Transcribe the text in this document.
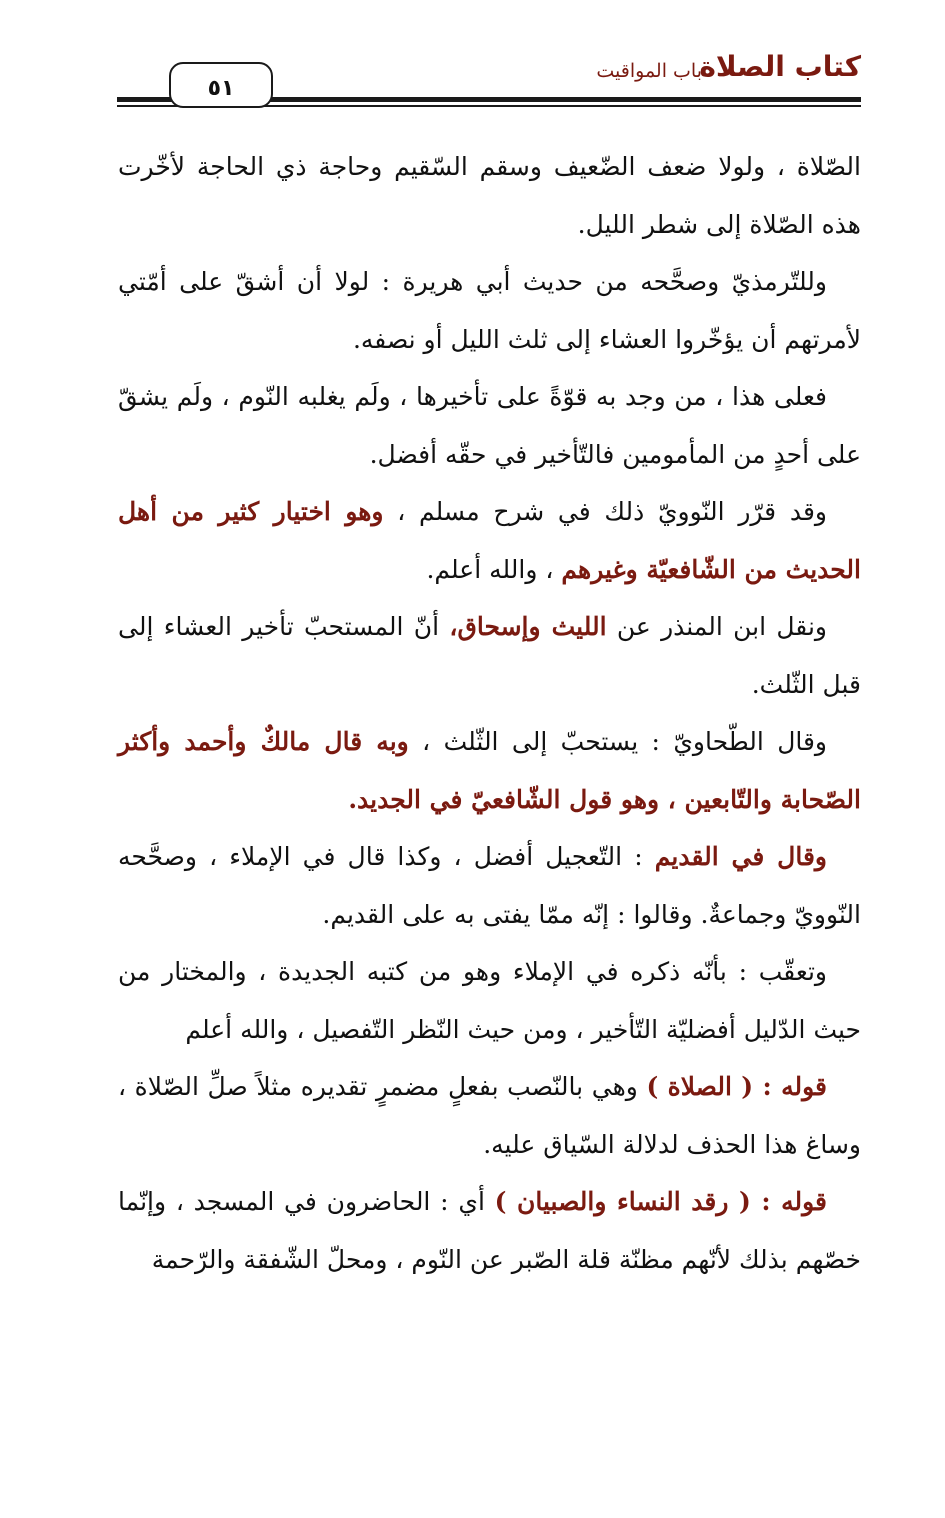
كتاب الصلاة
باب المواقيت
٥١

الصّلاة ، ولولا ضعف الضّعيف وسقم السّقيم وحاجة ذي الحاجة لأخّرت هذه الصّلاة إلى شطر الليل.

وللتّرمذيّ وصحَّحه من حديث أبي هريرة : لولا أن أشقّ على أمّتي لأمرتهم أن يؤخّروا العشاء إلى ثلث الليل أو نصفه.

فعلى هذا ، من وجد به قوّةً على تأخيرها ، ولَم يغلبه النّوم ، ولَم يشقّ على أحدٍ من المأمومين فالتّأخير في حقّه أفضل.

وقد قرّر النّوويّ ذلك في شرح مسلم ، وهو اختيار كثير من أهل الحديث من الشّافعيّة وغيرهم ، والله أعلم.

ونقل ابن المنذر عن الليث وإسحاق، أنّ المستحبّ تأخير العشاء إلى قبل الثّلث.

وقال الطّحاويّ : يستحبّ إلى الثّلث ، وبه قال مالكٌ وأحمد وأكثر الصّحابة والتّابعين ، وهو قول الشّافعيّ في الجديد.

وقال في القديم : التّعجيل أفضل ، وكذا قال في الإملاء ، وصحَّحه النّوويّ وجماعةٌ. وقالوا : إنّه ممّا يفتى به على القديم.

وتعقّب : بأنّه ذكره في الإملاء وهو من كتبه الجديدة ، والمختار من حيث الدّليل أفضليّة التّأخير ، ومن حيث النّظر التّفصيل ، والله أعلم

قوله : ( الصلاة ) وهي بالنّصب بفعلٍ مضمرٍ تقديره مثلاً صلِّ الصّلاة ، وساغ هذا الحذف لدلالة السّياق عليه.

قوله : ( رقد النساء والصبيان ) أي : الحاضرون في المسجد ، وإنّما خصّهم بذلك لأنّهم مظنّة قلة الصّبر عن النّوم ، ومحلّ الشّفقة والرّحمة
